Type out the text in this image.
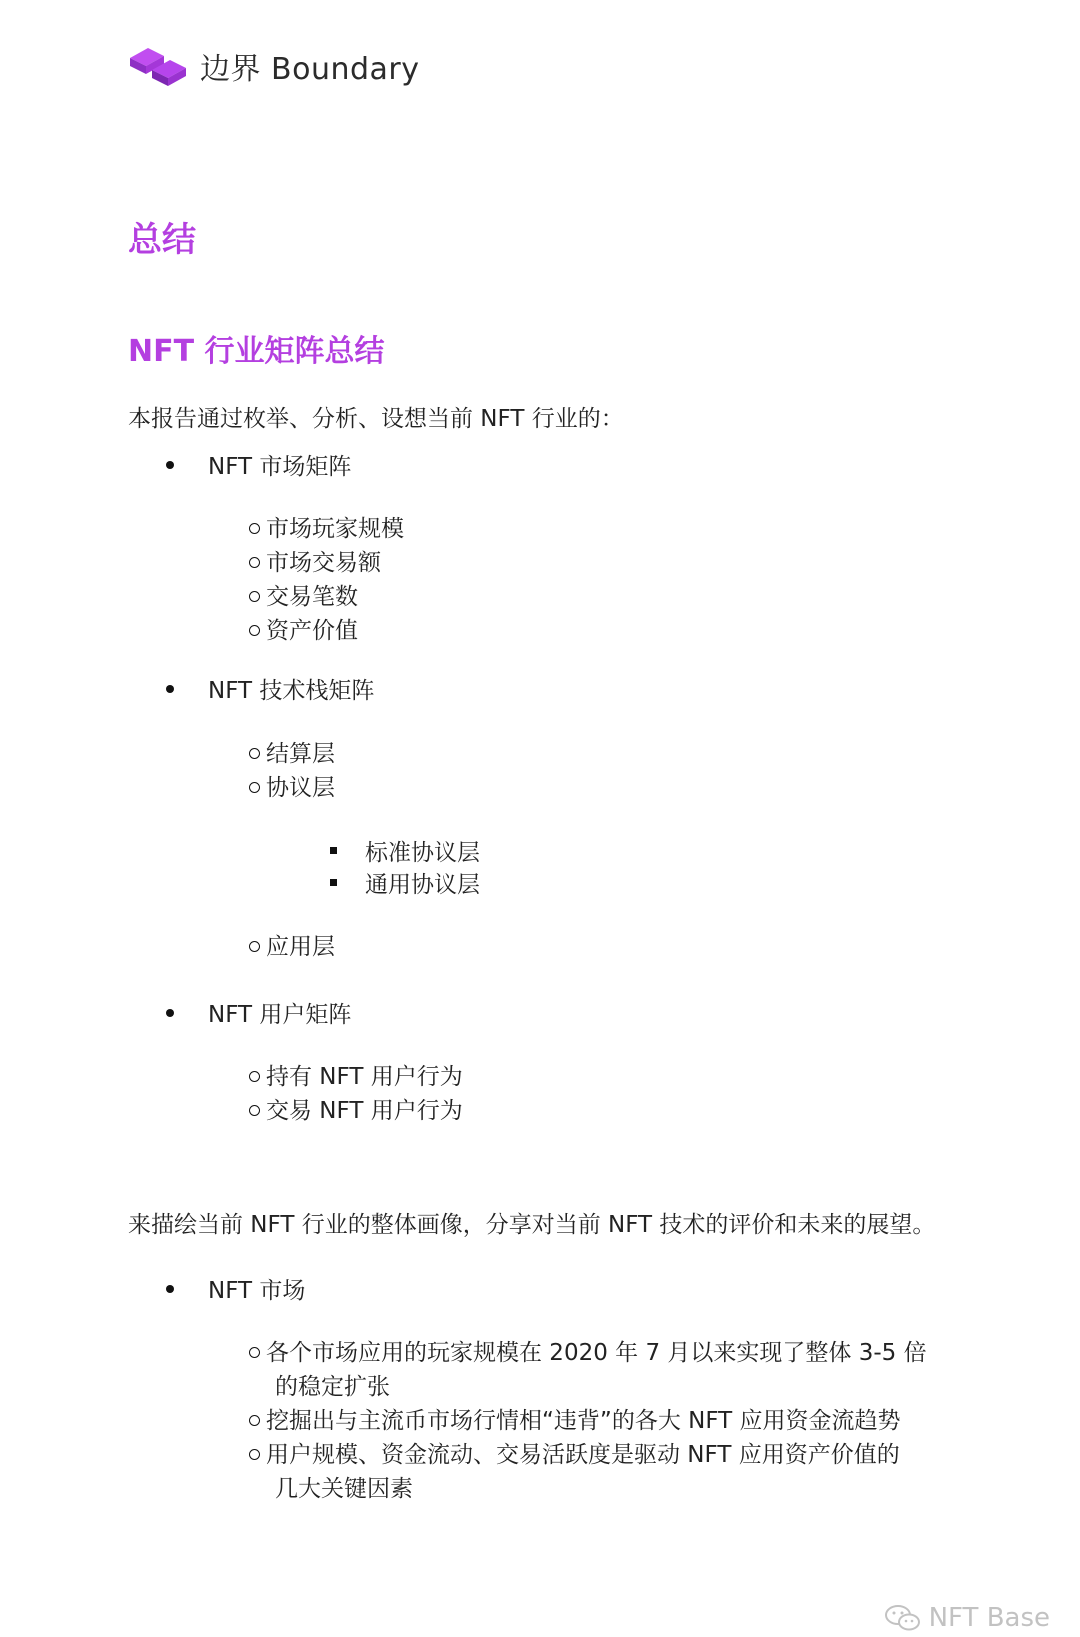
边界 Boundary
总结
NFT 行业矩阵总结
本报告通过枚举、分析、设想当前 NFT 行业的：
NFT 市场矩阵
市场玩家规模
市场交易额
交易笔数
资产价值
NFT 技术栈矩阵
结算层
协议层
标准协议层
通用协议层
应用层
NFT 用户矩阵
持有 NFT 用户行为
交易 NFT 用户行为
来描绘当前 NFT 行业的整体画像，分享对当前 NFT 技术的评价和未来的展望。
NFT 市场
各个市场应用的玩家规模在 2020 年 7 月以来实现了整体 3-5 倍
的稳定扩张
挖掘出与主流币市场行情相“违背”的各大 NFT 应用资金流趋势
用户规模、资金流动、交易活跃度是驱动 NFT 应用资产价值的
几大关键因素
NFT Base
